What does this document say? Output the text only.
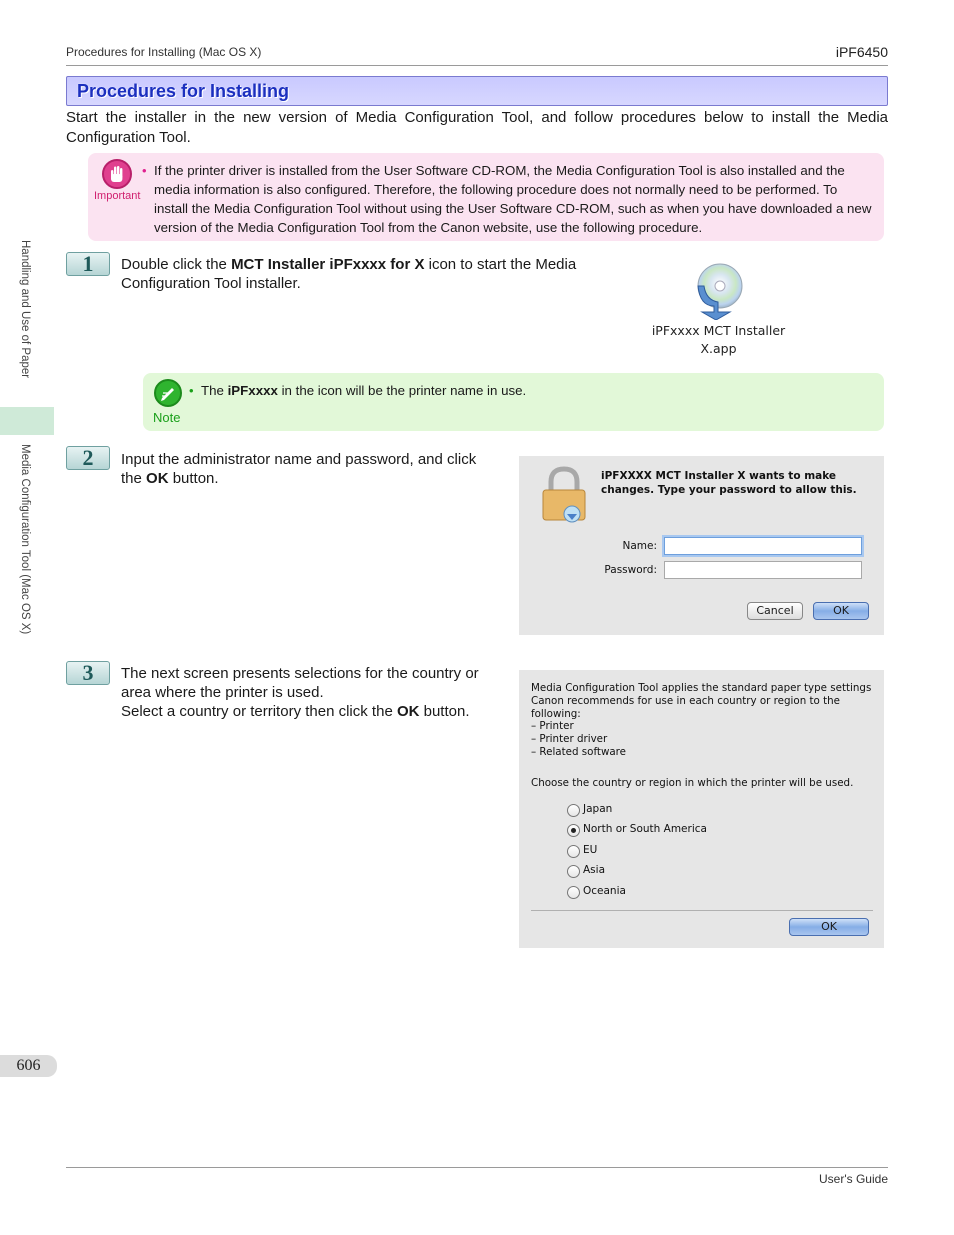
Procedures for Installing (Mac OS X)	iPF6450
Handling and Use of Paper
Media Configuration Tool (Mac OS X)
Procedures for Installing
Start the installer in the new version of Media Configuration Tool, and follow procedures below to install the Media Configuration Tool.
Important
• If the printer driver is installed from the User Software CD-ROM, the Media Configuration Tool is also installed and the media information is also configured. Therefore, the following procedure does not normally need to be performed. To install the Media Configuration Tool without using the User Software CD-ROM, such as when you have downloaded a new version of the Media Configuration Tool from the Canon website, use the following procedure.
1	Double click the MCT Installer iPFxxxx for X icon to start the Media Configuration Tool installer.
iPFxxxx MCT Installer
X.app
Note
• The iPFxxxx in the icon will be the printer name in use.
2	Input the administrator name and password, and click the OK button.	iPFXXXX MCT Installer X wants to make
changes. Type your password to allow this.
Name:
Password:
Cancel	OK
3	The next screen presents selections for the country or area where the printer is used.
Select a country or territory then click the OK button.
Media Configuration Tool applies the standard paper type settings
Canon recommends for use in each country or region to the
following:
– Printer
– Printer driver
– Related software
Choose the country or region in which the printer will be used.
Japan
North or South America
EU
Asia
Oceania
OK
606
User's Guide
